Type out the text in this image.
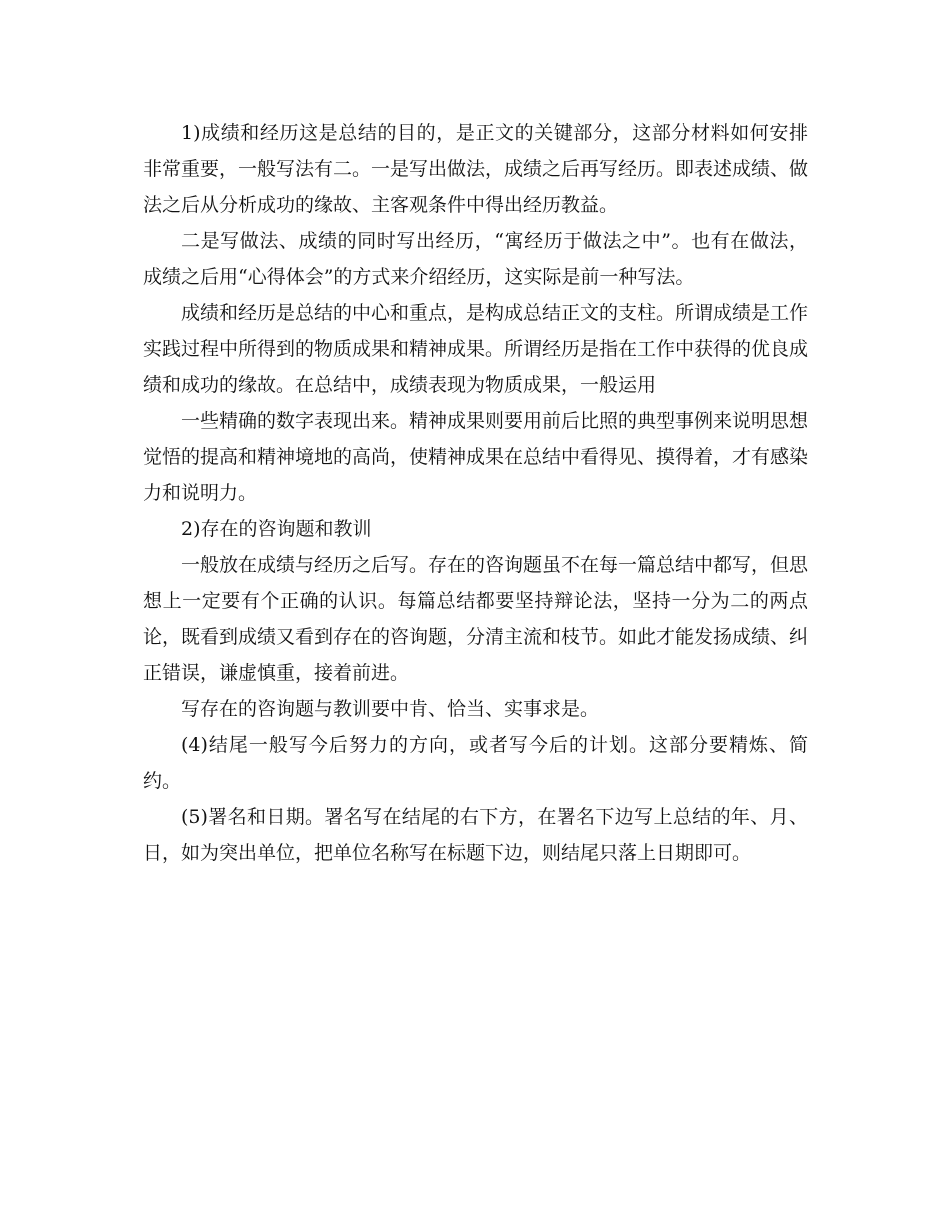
1)成绩和经历这是总结的目的，是正文的关键部分，这部分材料如何安排非常重要，一般写法有二。一是写出做法，成绩之后再写经历。即表述成绩、做法之后从分析成功的缘故、主客观条件中得出经历教益。

二是写做法、成绩的同时写出经历，“寓经历于做法之中”。也有在做法，成绩之后用“心得体会”的方式来介绍经历，这实际是前一种写法。

成绩和经历是总结的中心和重点，是构成总结正文的支柱。所谓成绩是工作实践过程中所得到的物质成果和精神成果。所谓经历是指在工作中获得的优良成绩和成功的缘故。在总结中，成绩表现为物质成果，一般运用

一些精确的数字表现出来。精神成果则要用前后比照的典型事例来说明思想觉悟的提高和精神境地的高尚，使精神成果在总结中看得见、摸得着，才有感染力和说明力。

2)存在的咨询题和教训

一般放在成绩与经历之后写。存在的咨询题虽不在每一篇总结中都写，但思想上一定要有个正确的认识。每篇总结都要坚持辩论法，坚持一分为二的两点论，既看到成绩又看到存在的咨询题，分清主流和枝节。如此才能发扬成绩、纠正错误，谦虚慎重，接着前进。

写存在的咨询题与教训要中肯、恰当、实事求是。

(4)结尾一般写今后努力的方向，或者写今后的计划。这部分要精炼、简约。

(5)署名和日期。署名写在结尾的右下方，在署名下边写上总结的年、月、日，如为突出单位，把单位名称写在标题下边，则结尾只落上日期即可。
